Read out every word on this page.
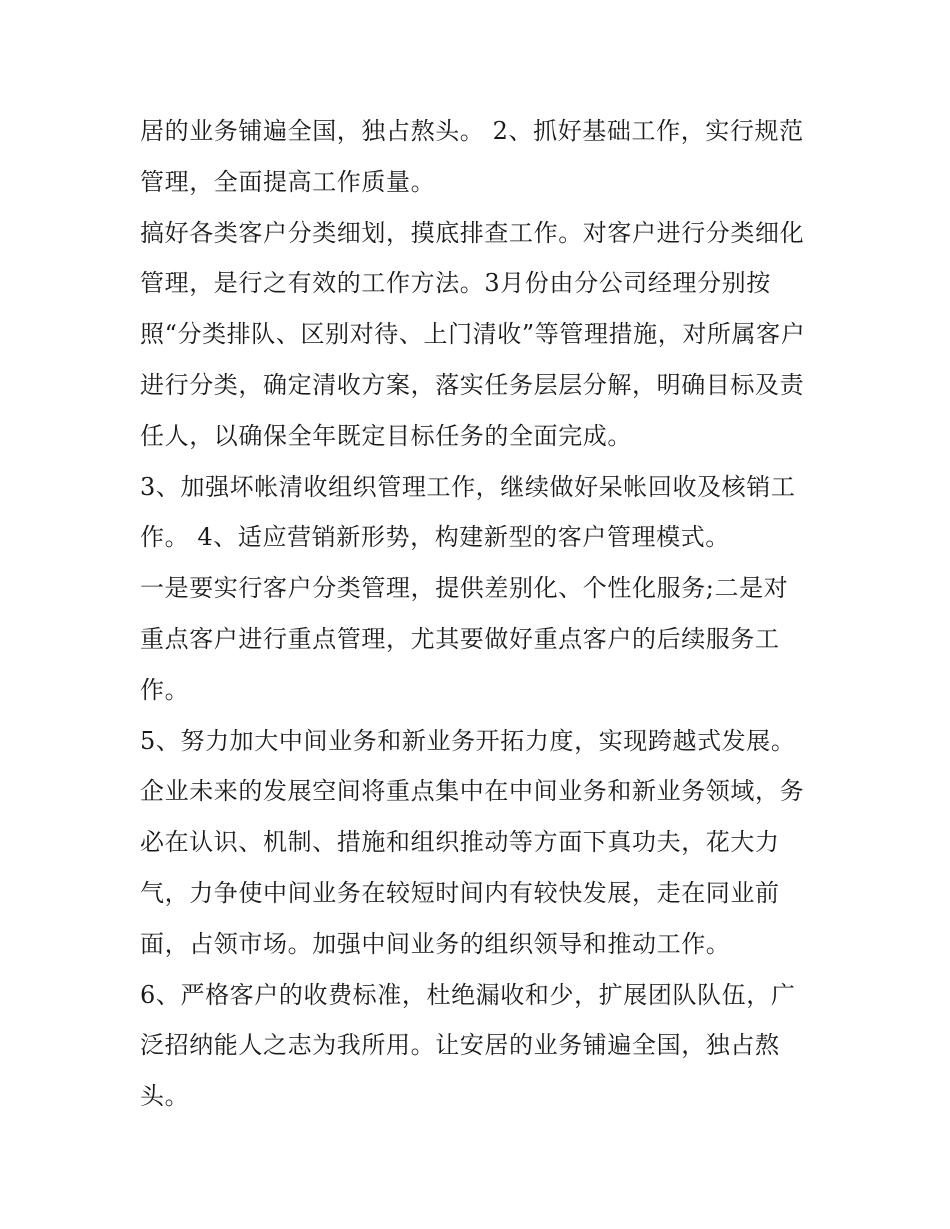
居的业务铺遍全国，独占熬头。 2、抓好基础工作，实行规范
管理，全面提高工作质量。
搞好各类客户分类细划，摸底排查工作。对客户进行分类细化
管理，是行之有效的工作方法。3月份由分公司经理分别按
照“分类排队、区别对待、上门清收”等管理措施，对所属客户
进行分类，确定清收方案，落实任务层层分解，明确目标及责
任人，以确保全年既定目标任务的全面完成。
3、加强坏帐清收组织管理工作，继续做好呆帐回收及核销工
作。 4、适应营销新形势，构建新型的客户管理模式。
一是要实行客户分类管理，提供差别化、个性化服务;二是对
重点客户进行重点管理，尤其要做好重点客户的后续服务工
作。
5、努力加大中间业务和新业务开拓力度，实现跨越式发展。
企业未来的发展空间将重点集中在中间业务和新业务领域，务
必在认识、机制、措施和组织推动等方面下真功夫，花大力
气，力争使中间业务在较短时间内有较快发展，走在同业前
面，占领市场。加强中间业务的组织领导和推动工作。
6、严格客户的收费标准，杜绝漏收和少，扩展团队队伍，广
泛招纳能人之志为我所用。让安居的业务铺遍全国，独占熬
头。
